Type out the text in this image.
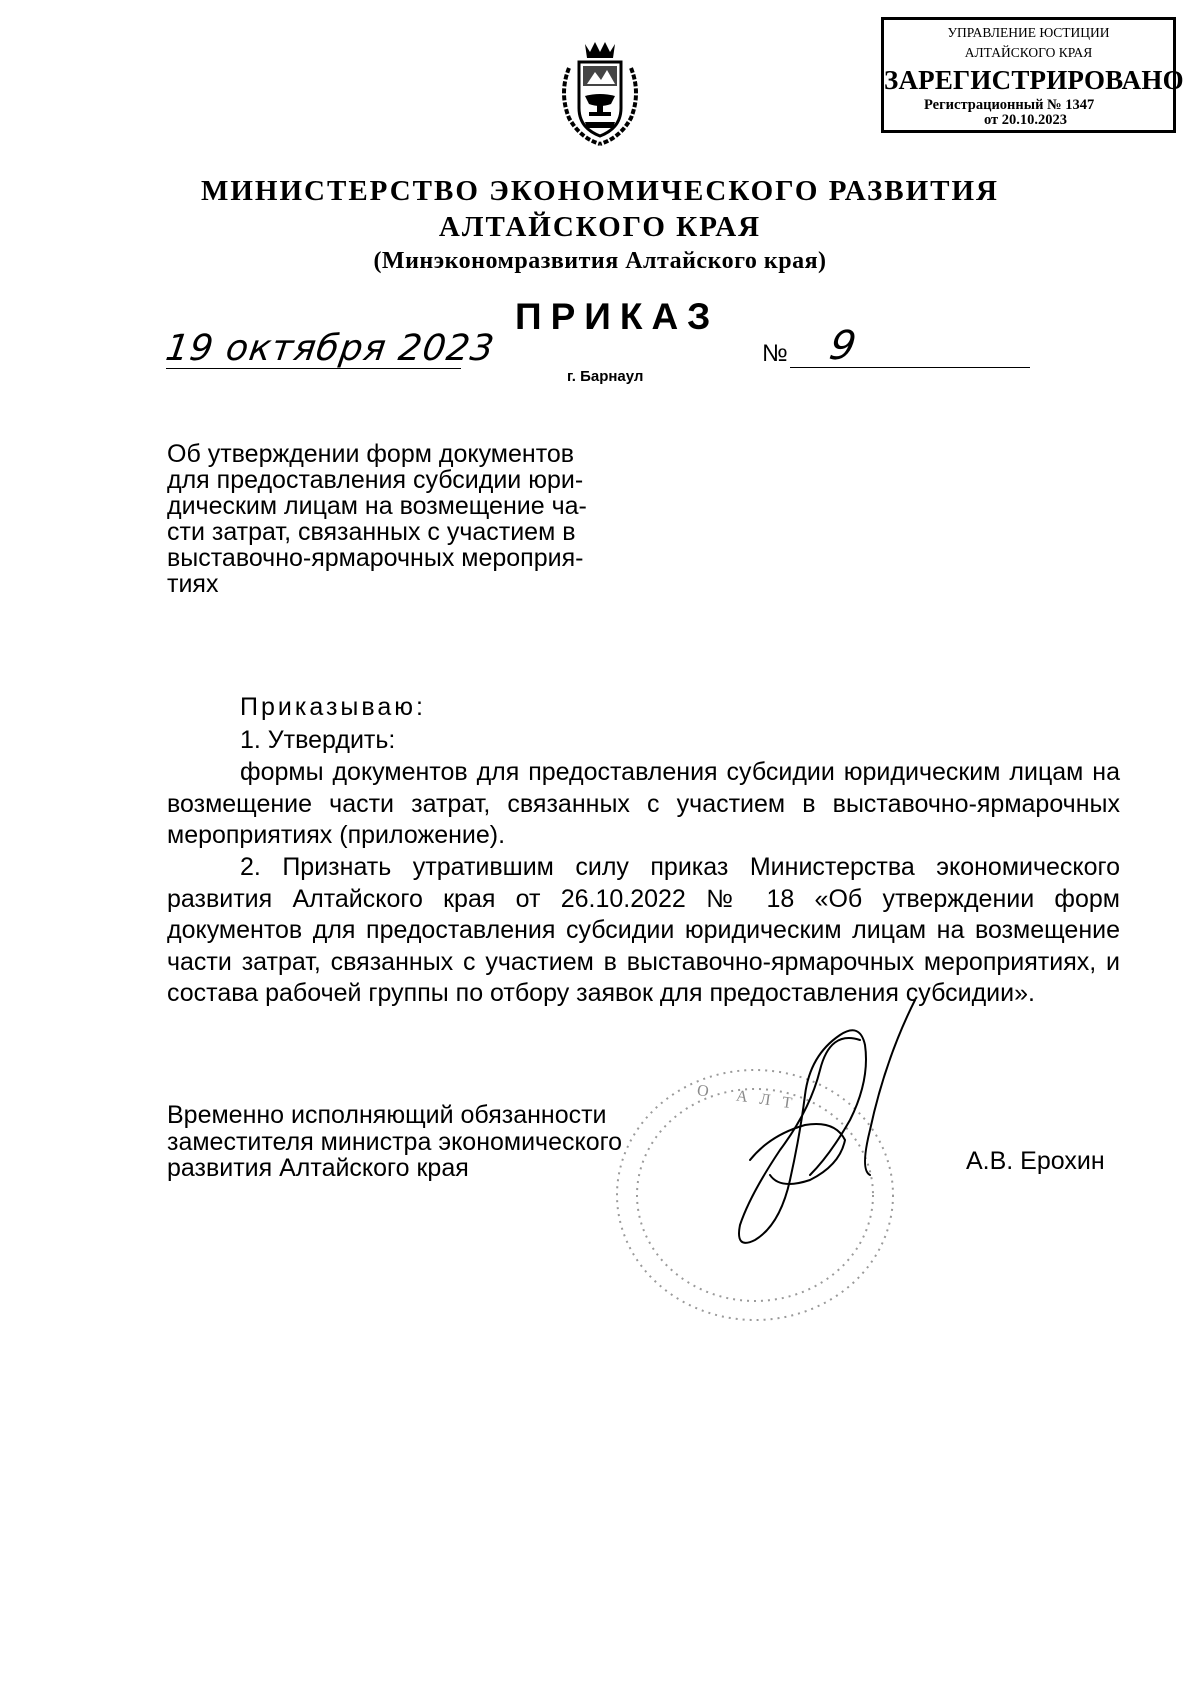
УПРАВЛЕНИЕ ЮСТИЦИИ
АЛТАЙСКОГО КРАЯ
ЗАРЕГИСТРИРОВАНО
Регистрационный № 1347
от 20.10.2023
МИНИСТЕРСТВО ЭКОНОМИЧЕСКОГО РАЗВИТИЯ
АЛТАЙСКОГО КРАЯ
(Минэкономразвития Алтайского края)
ПРИКАЗ
19 октября 2023	№ 9
г. Барнаул
Об утверждении форм документов
для предоставления субсидии юри-
дическим лицам на возмещение ча-
сти затрат, связанных с участием в
выставочно-ярмарочных мероприя-
тиях
Приказываю:
1. Утвердить:
формы документов для предоставления субсидии юридическим лицам на возмещение части затрат, связанных с участием в выставочно-ярмарочных мероприятиях (приложение).
2. Признать утратившим силу приказ Министерства экономического развития Алтайского края от 26.10.2022 № 18 «Об утверждении форм документов для предоставления субсидии юридическим лицам на возмещение части затрат, связанных с участием в выставочно-ярмарочных мероприятиях, и состава рабочей группы по отбору заявок для предоставления субсидии».
Временно исполняющий обязанности
заместителя министра экономического
развития Алтайского края	А.В. Ерохин
О АЛТ
